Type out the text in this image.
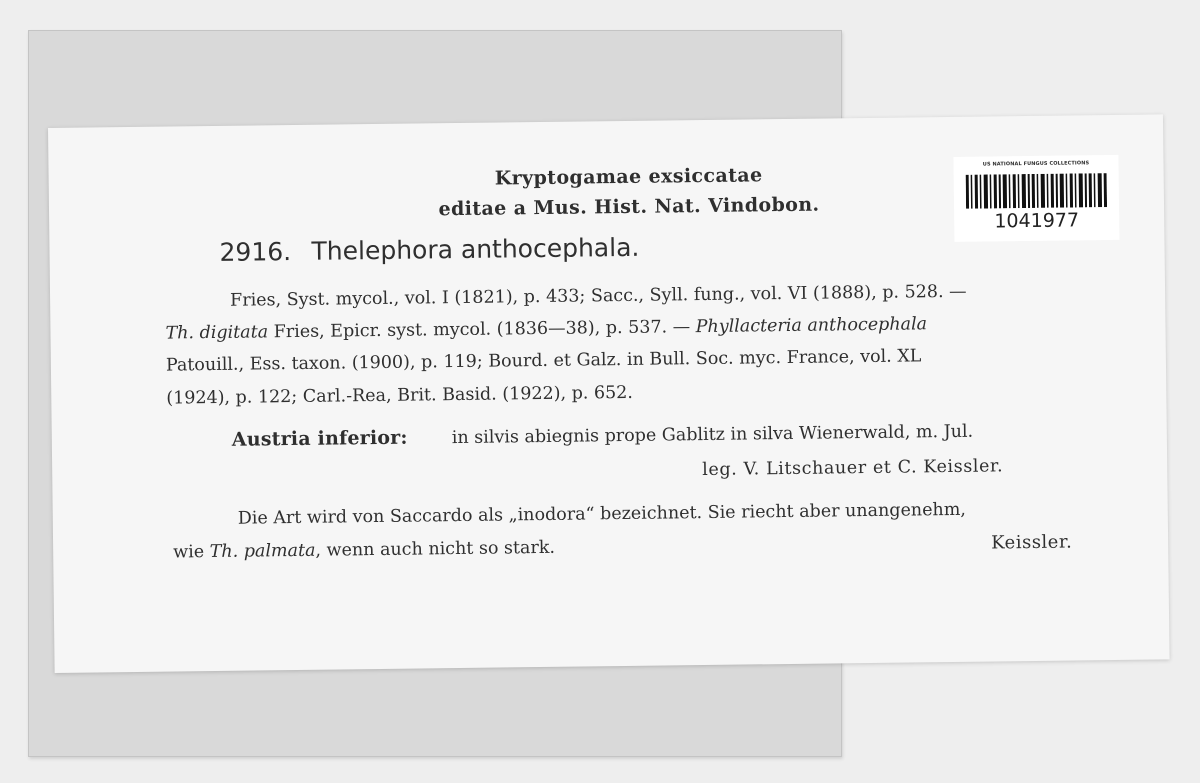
Kryptogamae exsiccatae
editae a Mus. Hist. Nat. Vindobon.
2916. Thelephora anthocephala.
Fries, Syst. mycol., vol. I (1821), p. 433; Sacc., Syll. fung., vol. VI (1888), p. 528. —
Th. digitata Fries, Epicr. syst. mycol. (1836—38), p. 537. — Phyllacteria anthocephala
Patouill., Ess. taxon. (1900), p. 119; Bourd. et Galz. in Bull. Soc. myc. France, vol. XL
(1924), p. 122; Carl.-Rea, Brit. Basid. (1922), p. 652.
Austria inferior:	in silvis abiegnis prope Gablitz in silva Wienerwald, m. Jul.
leg. V. Litschauer et C. Keissler.
Die Art wird von Saccardo als „inodora“ bezeichnet. Sie riecht aber unangenehm,
wie Th. palmata, wenn auch nicht so stark.	Keissler.
US NATIONAL FUNGUS COLLECTIONS
1041977
